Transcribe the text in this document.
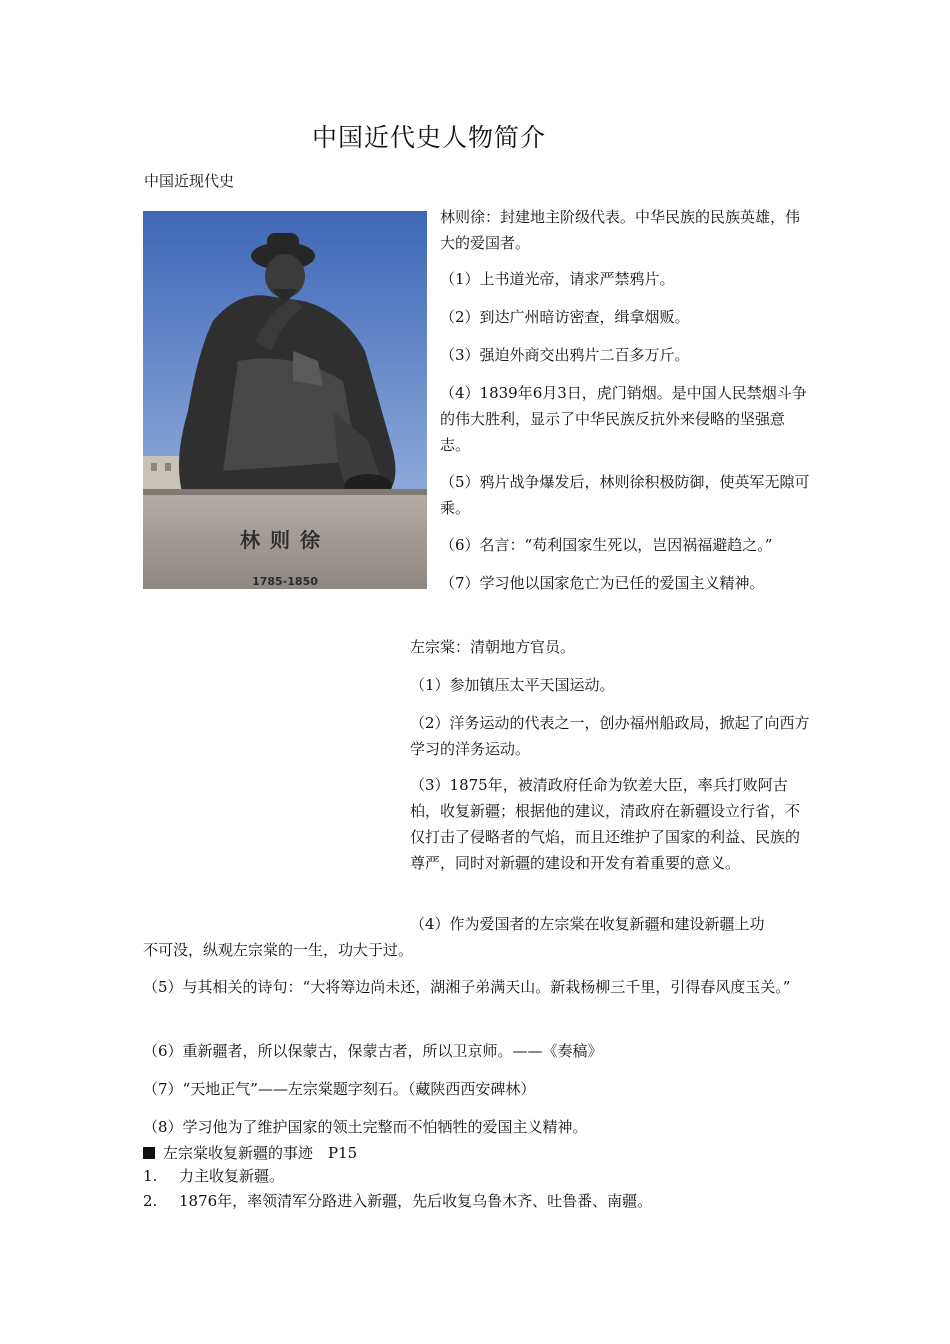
中国近代史人物简介
中国近现代史
林则徐
1785-1850

林则徐：封建地主阶级代表。中华民族的民族英雄，伟大的爱国者。

（1）上书道光帝，请求严禁鸦片。

（2）到达广州暗访密查，缉拿烟贩。

（3）强迫外商交出鸦片二百多万斤。

（4）1839年6月3日，虎门销烟。是中国人民禁烟斗争的伟大胜利，显示了中华民族反抗外来侵略的坚强意志。

（5）鸦片战争爆发后，林则徐积极防御，使英军无隙可乘。

（6）名言：“苟利国家生死以，岂因祸福避趋之。”

（7）学习他以国家危亡为已任的爱国主义精神。

左宗棠：清朝地方官员。

（1）参加镇压太平天国运动。

（2）洋务运动的代表之一，创办福州船政局，掀起了向西方学习的洋务运动。

（3）1875年，被清政府任命为钦差大臣，率兵打败阿古柏，收复新疆；根据他的建议，清政府在新疆设立行省，不仅打击了侵略者的气焰，而且还维护了国家的利益、民族的尊严，同时对新疆的建设和开发有着重要的意义。

（4）作为爱国者的左宗棠在收复新疆和建设新疆上功

不可没，纵观左宗棠的一生，功大于过。

（5）与其相关的诗句：“大将筹边尚未还，湖湘子弟满天山。新栽杨柳三千里，引得春风度玉关。”

（6）重新疆者，所以保蒙古，保蒙古者，所以卫京师。——《奏稿》

（7）“天地正气”——左宗棠题字刻石。（藏陕西西安碑林）

（8）学习他为了维护国家的领土完整而不怕牺牲的爱国主义精神。

左宗棠收复新疆的事迹　P15
1. 力主收复新疆。
2. 1876年，率领清军分路进入新疆，先后收复乌鲁木齐、吐鲁番、南疆。
